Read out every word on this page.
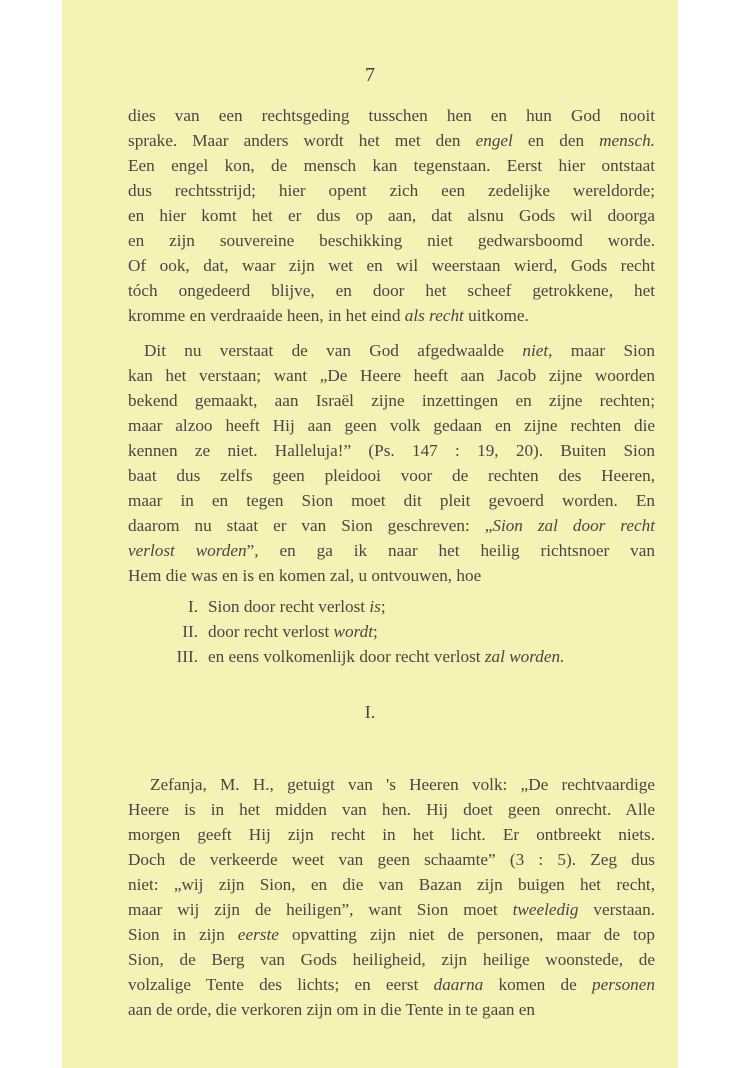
7
dies van een rechtsgeding tusschen hen en hun God nooit
sprake. Maar anders wordt het met den engel en den mensch.
Een engel kon, de mensch kan tegenstaan. Eerst hier ontstaat
dus rechtsstrijd; hier opent zich een zedelijke wereldorde;
en hier komt het er dus op aan, dat alsnu Gods wil doorga
en zijn souvereine beschikking niet gedwarsboomd worde.
Of ook, dat, waar zijn wet en wil weerstaan wierd, Gods recht
tóch ongedeerd blijve, en door het scheef getrokkene, het
kromme en verdraaide heen, in het eind als recht uitkome.
Dit nu verstaat de van God afgedwaalde niet, maar Sion
kan het verstaan; want „De Heere heeft aan Jacob zijne woorden
bekend gemaakt, aan Israël zijne inzettingen en zijne rechten;
maar alzoo heeft Hij aan geen volk gedaan en zijne rechten die
kennen ze niet. Halleluja!” (Ps. 147 : 19, 20). Buiten Sion
baat dus zelfs geen pleidooi voor de rechten des Heeren,
maar in en tegen Sion moet dit pleit gevoerd worden. En
daarom nu staat er van Sion geschreven: „Sion zal door recht
verlost worden”, en ga ik naar het heilig richtsnoer van
Hem die was en is en komen zal, u ontvouwen, hoe
I. Sion door recht verlost is;
II. door recht verlost wordt;
III. en eens volkomenlijk door recht verlost zal worden.
I.
Zefanja, M. H., getuigt van 's Heeren volk: „De rechtvaardige
Heere is in het midden van hen. Hij doet geen onrecht. Alle
morgen geeft Hij zijn recht in het licht. Er ontbreekt niets.
Doch de verkeerde weet van geen schaamte” (3 : 5). Zeg dus
niet: „wij zijn Sion, en die van Bazan zijn buigen het recht,
maar wij zijn de heiligen”, want Sion moet tweeledig verstaan.
Sion in zijn eerste opvatting zijn niet de personen, maar de top
Sion, de Berg van Gods heiligheid, zijn heilige woonstede, de
volzalige Tente des lichts; en eerst daarna komen de personen
aan de orde, die verkoren zijn om in die Tente in te gaan en
